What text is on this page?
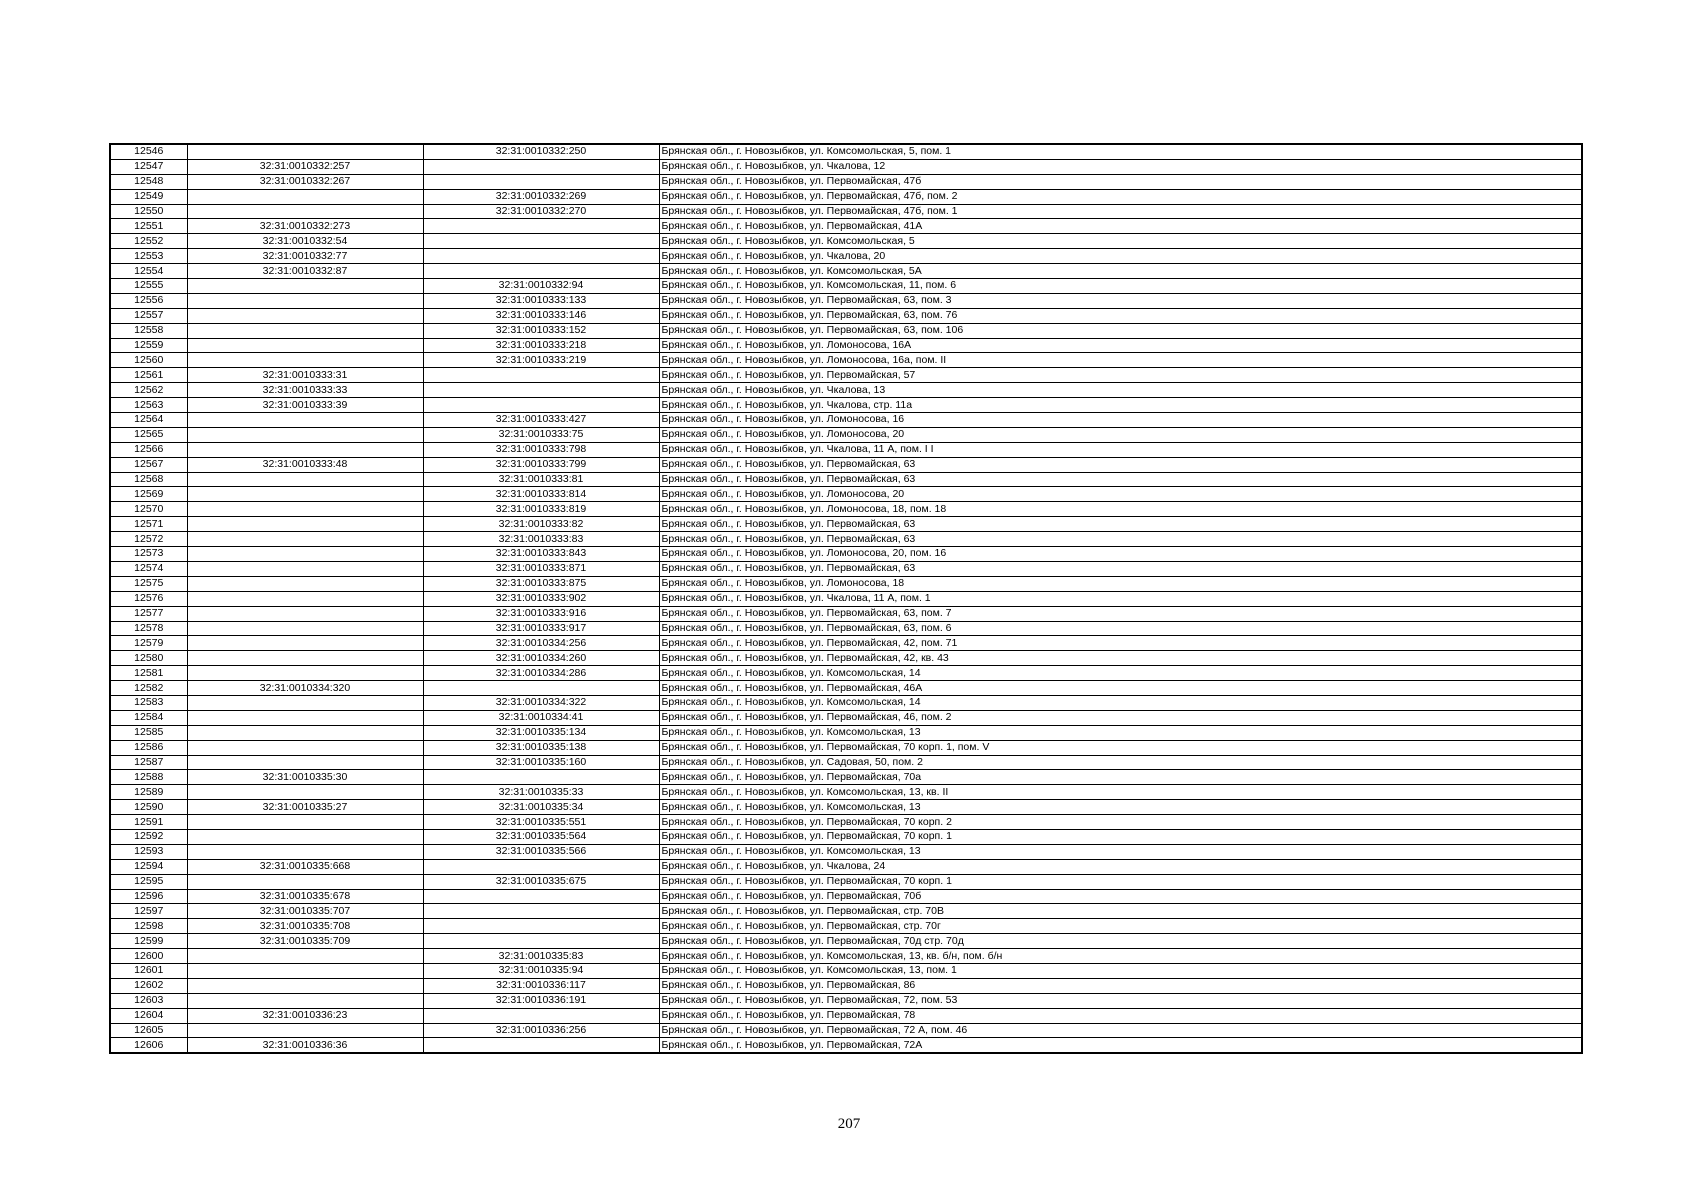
12546		32:31:0010332:250	Брянская обл., г. Новозыбков, ул. Комсомольская, 5, пом. 1
12547	32:31:0010332:257		Брянская обл., г. Новозыбков, ул. Чкалова, 12
12548	32:31:0010332:267		Брянская обл., г. Новозыбков, ул. Первомайская, 47б
12549		32:31:0010332:269	Брянская обл., г. Новозыбков, ул. Первомайская, 47б, пом. 2
12550		32:31:0010332:270	Брянская обл., г. Новозыбков, ул. Первомайская, 47б, пом. 1
12551	32:31:0010332:273		Брянская обл., г. Новозыбков, ул. Первомайская, 41А
12552	32:31:0010332:54		Брянская обл., г. Новозыбков, ул. Комсомольская, 5
12553	32:31:0010332:77		Брянская обл., г. Новозыбков, ул. Чкалова, 20
12554	32:31:0010332:87		Брянская обл., г. Новозыбков, ул. Комсомольская, 5А
12555		32:31:0010332:94	Брянская обл., г. Новозыбков, ул. Комсомольская, 11, пом. 6
12556		32:31:0010333:133	Брянская обл., г. Новозыбков, ул. Первомайская, 63, пом. 3
12557		32:31:0010333:146	Брянская обл., г. Новозыбков, ул. Первомайская, 63, пом. 76
12558		32:31:0010333:152	Брянская обл., г. Новозыбков, ул. Первомайская, 63, пом. 106
12559		32:31:0010333:218	Брянская обл., г. Новозыбков, ул. Ломоносова, 16А
12560		32:31:0010333:219	Брянская обл., г. Новозыбков, ул. Ломоносова, 16а, пом. II
12561	32:31:0010333:31		Брянская обл., г. Новозыбков, ул. Первомайская, 57
12562	32:31:0010333:33		Брянская обл., г. Новозыбков, ул. Чкалова, 13
12563	32:31:0010333:39		Брянская обл., г. Новозыбков, ул. Чкалова, стр. 11а
12564		32:31:0010333:427	Брянская обл., г. Новозыбков, ул. Ломоносова, 16
12565		32:31:0010333:75	Брянская обл., г. Новозыбков, ул. Ломоносова, 20
12566		32:31:0010333:798	Брянская обл., г. Новозыбков, ул. Чкалова, 11 А, пом. I I
12567	32:31:0010333:48	32:31:0010333:799	Брянская обл., г. Новозыбков, ул. Первомайская, 63
12568		32:31:0010333:81	Брянская обл., г. Новозыбков, ул. Первомайская, 63
12569		32:31:0010333:814	Брянская обл., г. Новозыбков, ул. Ломоносова, 20
12570		32:31:0010333:819	Брянская обл., г. Новозыбков, ул. Ломоносова, 18, пом. 18
12571		32:31:0010333:82	Брянская обл., г. Новозыбков, ул. Первомайская, 63
12572		32:31:0010333:83	Брянская обл., г. Новозыбков, ул. Первомайская, 63
12573		32:31:0010333:843	Брянская обл., г. Новозыбков, ул. Ломоносова, 20, пом. 16
12574		32:31:0010333:871	Брянская обл., г. Новозыбков, ул. Первомайская, 63
12575		32:31:0010333:875	Брянская обл., г. Новозыбков, ул. Ломоносова, 18
12576		32:31:0010333:902	Брянская обл., г. Новозыбков, ул. Чкалова, 11 А, пом. 1
12577		32:31:0010333:916	Брянская обл., г. Новозыбков, ул. Первомайская, 63, пом. 7
12578		32:31:0010333:917	Брянская обл., г. Новозыбков, ул. Первомайская, 63, пом. 6
12579		32:31:0010334:256	Брянская обл., г. Новозыбков, ул. Первомайская, 42, пом. 71
12580		32:31:0010334:260	Брянская обл., г. Новозыбков, ул. Первомайская, 42, кв. 43
12581		32:31:0010334:286	Брянская обл., г. Новозыбков, ул. Комсомольская, 14
12582	32:31:0010334:320		Брянская обл., г. Новозыбков, ул. Первомайская, 46А
12583		32:31:0010334:322	Брянская обл., г. Новозыбков, ул. Комсомольская, 14
12584		32:31:0010334:41	Брянская обл., г. Новозыбков, ул. Первомайская, 46, пом. 2
12585		32:31:0010335:134	Брянская обл., г. Новозыбков, ул. Комсомольская, 13
12586		32:31:0010335:138	Брянская обл., г. Новозыбков, ул. Первомайская, 70 корп. 1, пом. V
12587		32:31:0010335:160	Брянская обл., г. Новозыбков, ул. Садовая, 50, пом. 2
12588	32:31:0010335:30		Брянская обл., г. Новозыбков, ул. Первомайская, 70а
12589		32:31:0010335:33	Брянская обл., г. Новозыбков, ул. Комсомольская, 13, кв. II
12590	32:31:0010335:27	32:31:0010335:34	Брянская обл., г. Новозыбков, ул. Комсомольская, 13
12591		32:31:0010335:551	Брянская обл., г. Новозыбков, ул. Первомайская, 70 корп. 2
12592		32:31:0010335:564	Брянская обл., г. Новозыбков, ул. Первомайская, 70 корп. 1
12593		32:31:0010335:566	Брянская обл., г. Новозыбков, ул. Комсомольская, 13
12594	32:31:0010335:668		Брянская обл., г. Новозыбков, ул. Чкалова, 24
12595		32:31:0010335:675	Брянская обл., г. Новозыбков, ул. Первомайская, 70 корп. 1
12596	32:31:0010335:678		Брянская обл., г. Новозыбков, ул. Первомайская, 70б
12597	32:31:0010335:707		Брянская обл., г. Новозыбков, ул. Первомайская, стр. 70В
12598	32:31:0010335:708		Брянская обл., г. Новозыбков, ул. Первомайская, стр. 70г
12599	32:31:0010335:709		Брянская обл., г. Новозыбков, ул. Первомайская, 70д стр. 70д
12600		32:31:0010335:83	Брянская обл., г. Новозыбков, ул. Комсомольская, 13, кв. б/н, пом. б/н
12601		32:31:0010335:94	Брянская обл., г. Новозыбков, ул. Комсомольская, 13, пом. 1
12602		32:31:0010336:117	Брянская обл., г. Новозыбков, ул. Первомайская, 86
12603		32:31:0010336:191	Брянская обл., г. Новозыбков, ул. Первомайская, 72, пом. 53
12604	32:31:0010336:23		Брянская обл., г. Новозыбков, ул. Первомайская, 78
12605		32:31:0010336:256	Брянская обл., г. Новозыбков, ул. Первомайская, 72 А, пом. 46
12606	32:31:0010336:36		Брянская обл., г. Новозыбков, ул. Первомайская, 72А
207
